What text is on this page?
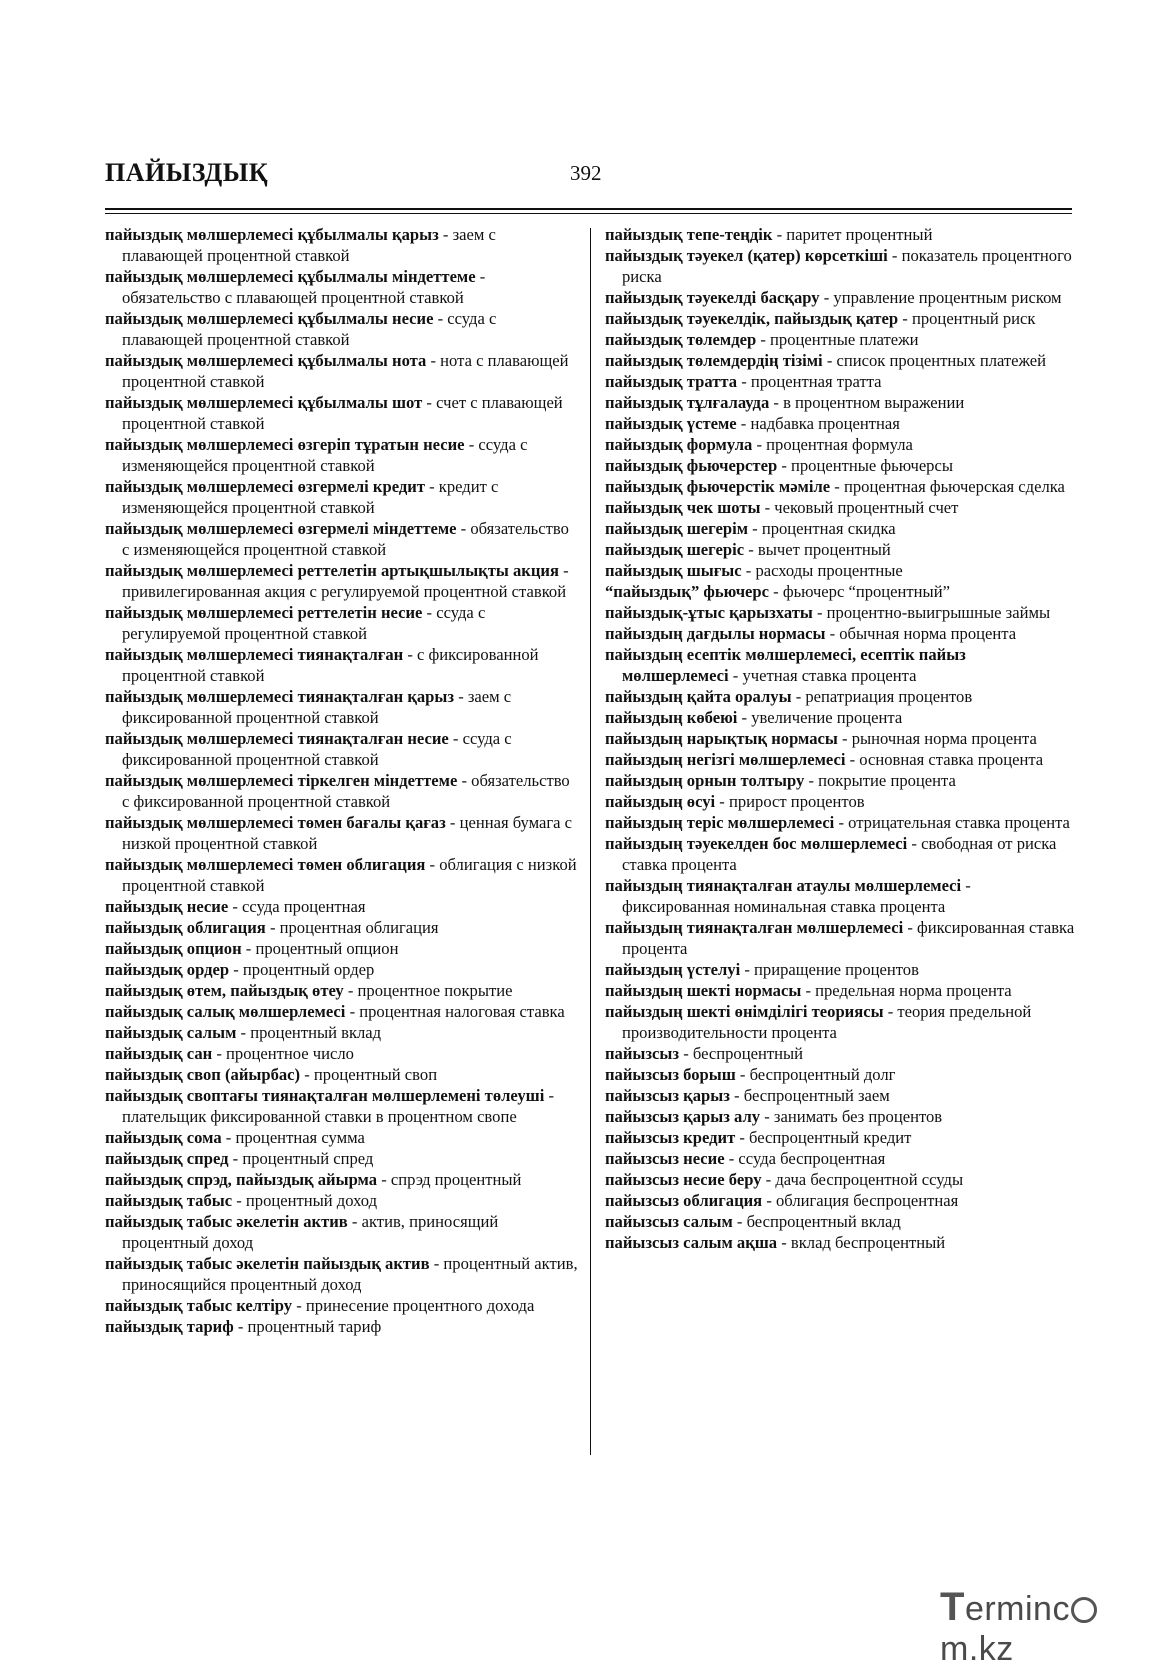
ПАЙЫЗДЫҚ	392

пайыздық мөлшерлемесі құбылмалы қарыз - заем с плавающей процентной ставкой

пайыздық мөлшерлемесі құбылмалы міндеттеме - обязательство с плавающей процентной ставкой

пайыздық мөлшерлемесі құбылмалы несие - ссуда с плавающей процентной ставкой

пайыздық мөлшерлемесі құбылмалы нота - нота с плавающей процентной ставкой

пайыздық мөлшерлемесі құбылмалы шот - счет с плавающей процентной ставкой

пайыздық мөлшерлемесі өзгеріп тұратын несие - ссуда с изменяющейся процентной ставкой

пайыздық мөлшерлемесі өзгермелі кредит - кредит с изменяющейся процентной ставкой

пайыздық мөлшерлемесі өзгермелі міндеттеме - обязательство с изменяющейся процентной ставкой

пайыздық мөлшерлемесі реттелетін артықшылықты акция - привилегированная акция с регулируемой процентной ставкой

пайыздық мөлшерлемесі реттелетін несие - ссуда с регулируемой процентной ставкой

пайыздық мөлшерлемесі тиянақталған - с фиксированной процентной ставкой

пайыздық мөлшерлемесі тиянақталған қарыз - заем с фиксированной процентной ставкой

пайыздық мөлшерлемесі тиянақталған несие - ссуда с фиксированной процентной ставкой

пайыздық мөлшерлемесі тіркелген міндеттеме - обязательство с фиксированной процентной ставкой

пайыздық мөлшерлемесі төмен бағалы қағаз - ценная бумага с низкой процентной ставкой

пайыздық мөлшерлемесі төмен облигация - облигация с низкой процентной ставкой

пайыздық несие - ссуда процентная

пайыздық облигация - процентная облигация

пайыздық опцион - процентный опцион

пайыздық ордер - процентный ордер

пайыздық өтем, пайыздық өтеу - процентное покрытие

пайыздық салық мөлшерлемесі - процентная налоговая ставка

пайыздық салым - процентный вклад

пайыздық сан - процентное число

пайыздық своп (айырбас) - процентный своп

пайыздық своптағы тиянақталған мөлшерлемені төлеуші - плательщик фиксированной ставки в процентном свопе

пайыздық сома - процентная сумма

пайыздық спред - процентный спред

пайыздық спрэд, пайыздық айырма - спрэд процентный

пайыздық табыс - процентный доход

пайыздық табыс әкелетін актив - актив, приносящий процентный доход

пайыздық табыс әкелетін пайыздық актив - процентный актив, приносящийся процентный доход

пайыздық табыс келтіру - принесение процентного дохода

пайыздық тариф - процентный тариф

пайыздық тепе-теңдік - паритет процентный

пайыздық тәуекел (қатер) көрсеткіші - показатель процентного риска

пайыздық тәуекелді басқару - управление процентным риском

пайыздық тәуекелдік, пайыздық қатер - процентный риск

пайыздық төлемдер - процентные платежи

пайыздық төлемдердің тізімі - список процентных платежей

пайыздық тратта - процентная тратта

пайыздық тұлғалауда - в процентном выражении

пайыздық үстеме - надбавка процентная

пайыздық формула - процентная формула

пайыздық фьючерстер - процентные фьючерсы

пайыздық фьючерстік мәміле - процентная фьючерская сделка

пайыздық чек шоты - чековый процентный счет

пайыздық шегерім - процентная скидка

пайыздық шегеріс - вычет процентный

пайыздық шығыс - расходы процентные

“пайыздық” фьючерс - фьючерс “процентный”

пайыздық-ұтыс қарызхаты - процентно-выигрышные займы

пайыздың дағдылы нормасы - обычная норма процента

пайыздың есептік мөлшерлемесі, есептік пайыз мөлшерлемесі - учетная ставка процента

пайыздың қайта оралуы - репатриация процентов

пайыздың көбеюі - увеличение процента

пайыздың нарықтық нормасы - рыночная норма процента

пайыздың негізгі мөлшерлемесі - основная ставка процента

пайыздың орнын толтыру - покрытие процента

пайыздың өсуі - прирост процентов

пайыздың теріс мөлшерлемесі - отрицательная ставка процента

пайыздың тәуекелден бос мөлшерлемесі - свободная от риска ставка процента

пайыздың тиянақталған атаулы мөлшерлемесі - фиксированная номинальная ставка процента

пайыздың тиянақталған мөлшерлемесі - фиксированная ставка процента

пайыздың үстелуі - приращение процентов

пайыздың шекті нормасы - предельная норма процента

пайыздың шекті өнімділігі теориясы - теория предельной производительности процента

пайызсыз - беспроцентный

пайызсыз борыш - беспроцентный долг

пайызсыз қарыз - беспроцентный заем

пайызсыз қарыз алу - занимать без процентов

пайызсыз кредит - беспроцентный кредит

пайызсыз несие - ссуда беспроцентная

пайызсыз несие беру - дача беспроцентной ссуды

пайызсыз облигация - облигация беспроцентная

пайызсыз салым - беспроцентный вклад

пайызсыз салым ақша - вклад беспроцентный

Termincm.kz
